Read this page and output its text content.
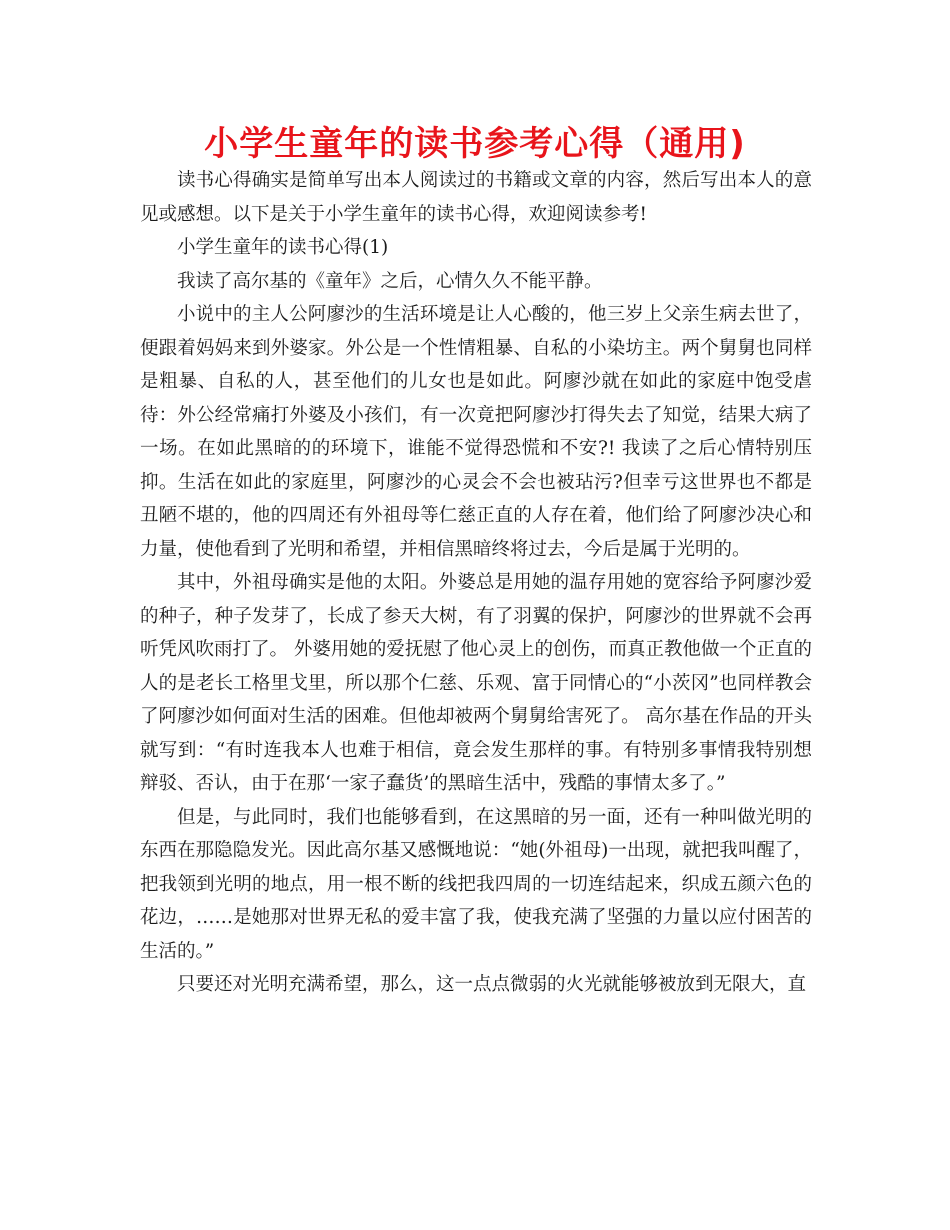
小学生童年的读书参考心得（通用)

读书心得确实是简单写出本人阅读过的书籍或文章的内容，然后写出本人的意见或感想。以下是关于小学生童年的读书心得，欢迎阅读参考!

小学生童年的读书心得(1)

我读了高尔基的《童年》之后，心情久久不能平静。

小说中的主人公阿廖沙的生活环境是让人心酸的，他三岁上父亲生病去世了，便跟着妈妈来到外婆家。外公是一个性情粗暴、自私的小染坊主。两个舅舅也同样是粗暴、自私的人，甚至他们的儿女也是如此。阿廖沙就在如此的家庭中饱受虐待：外公经常痛打外婆及小孩们，有一次竟把阿廖沙打得失去了知觉，结果大病了一场。在如此黑暗的的环境下，谁能不觉得恐慌和不安?! 我读了之后心情特别压抑。生活在如此的家庭里，阿廖沙的心灵会不会也被玷污?但幸亏这世界也不都是丑陋不堪的，他的四周还有外祖母等仁慈正直的人存在着，他们给了阿廖沙决心和力量，使他看到了光明和希望，并相信黑暗终将过去，今后是属于光明的。

其中，外祖母确实是他的太阳。外婆总是用她的温存用她的宽容给予阿廖沙爱的种子，种子发芽了，长成了参天大树，有了羽翼的保护，阿廖沙的世界就不会再听凭风吹雨打了。 外婆用她的爱抚慰了他心灵上的创伤，而真正教他做一个正直的人的是老长工格里戈里，所以那个仁慈、乐观、富于同情心的“小茨冈”也同样教会了阿廖沙如何面对生活的困难。但他却被两个舅舅给害死了。 高尔基在作品的开头就写到：“有时连我本人也难于相信，竟会发生那样的事。有特别多事情我特别想辩驳、否认，由于在那‘一家子蠢货’的黑暗生活中，残酷的事情太多了。”

但是，与此同时，我们也能够看到，在这黑暗的另一面，还有一种叫做光明的东西在那隐隐发光。因此高尔基又感慨地说：“她(外祖母)一出现，就把我叫醒了，把我领到光明的地点，用一根不断的线把我四周的一切连结起来，织成五颜六色的花边，……是她那对世界无私的爱丰富了我，使我充满了坚强的力量以应付困苦的生活的。”

只要还对光明充满希望，那么，这一点点微弱的火光就能够被放到无限大，直
